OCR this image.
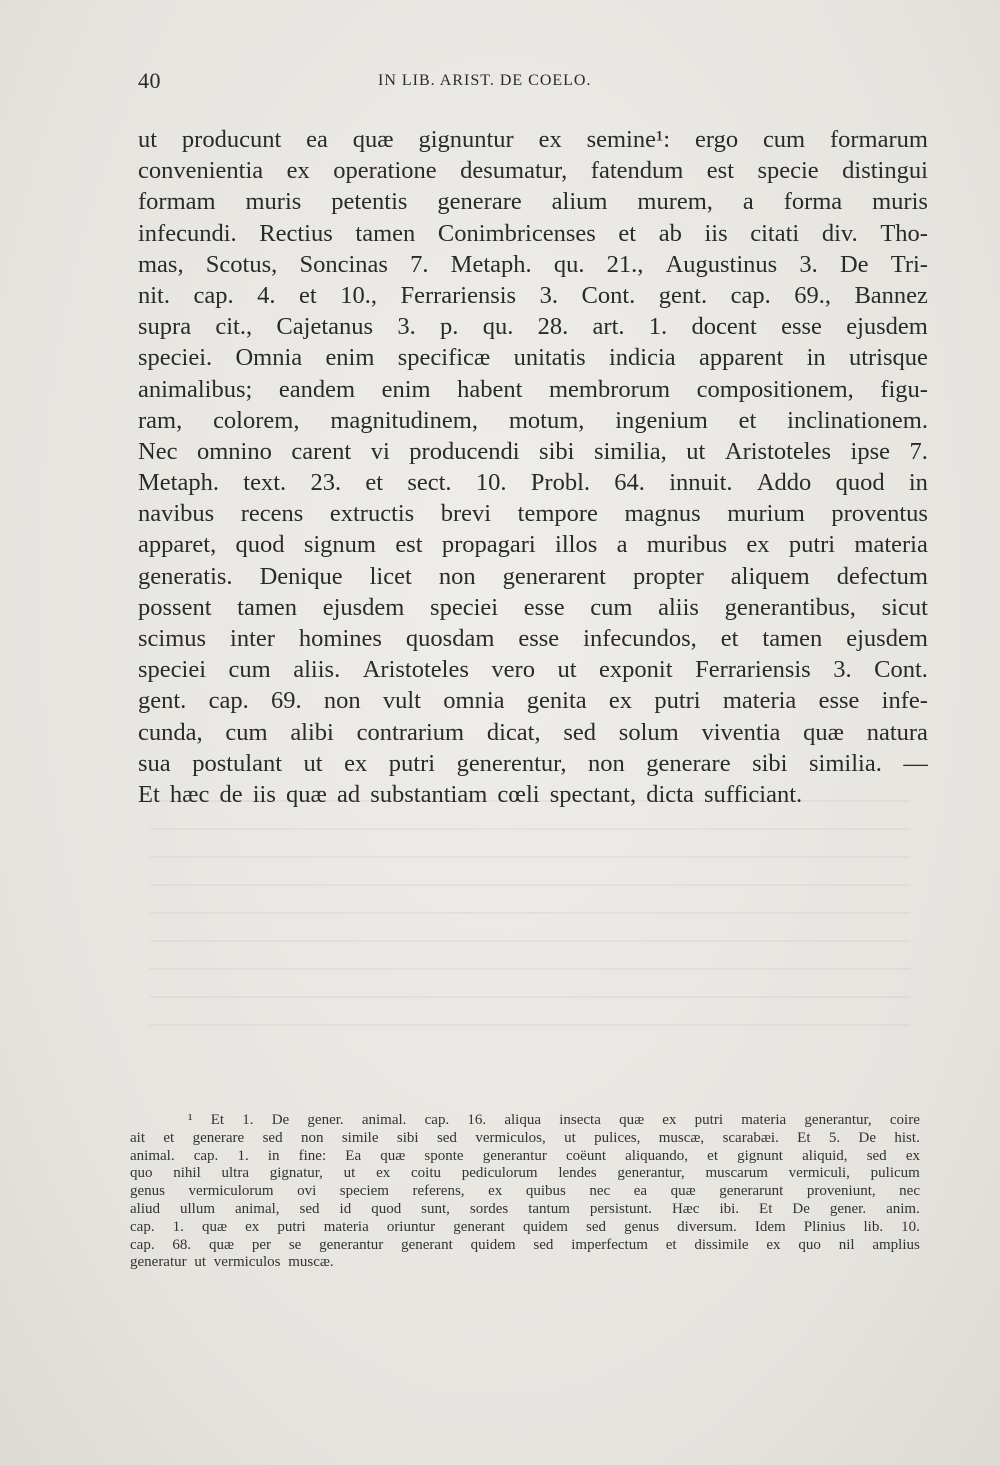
40	IN LIB. ARIST. DE COELO.
ut producunt ea quæ gignuntur ex semine¹: ergo cum formarum
convenientia ex operatione desumatur, fatendum est specie distingui
formam muris petentis generare alium murem, a forma muris
infecundi. Rectius tamen Conimbricenses et ab iis citati div. Tho-
mas, Scotus, Soncinas 7. Metaph. qu. 21., Augustinus 3. De Tri-
nit. cap. 4. et 10., Ferrariensis 3. Cont. gent. cap. 69., Bannez
supra cit., Cajetanus 3. p. qu. 28. art. 1. docent esse ejusdem
speciei. Omnia enim specificæ unitatis indicia apparent in utrisque
animalibus; eandem enim habent membrorum compositionem, figu-
ram, colorem, magnitudinem, motum, ingenium et inclinationem.
Nec omnino carent vi producendi sibi similia, ut Aristoteles ipse 7.
Metaph. text. 23. et sect. 10. Probl. 64. innuit. Addo quod in
navibus recens extructis brevi tempore magnus murium proventus
apparet, quod signum est propagari illos a muribus ex putri materia
generatis. Denique licet non generarent propter aliquem defectum
possent tamen ejusdem speciei esse cum aliis generantibus, sicut
scimus inter homines quosdam esse infecundos, et tamen ejusdem
speciei cum aliis. Aristoteles vero ut exponit Ferrariensis 3. Cont.
gent. cap. 69. non vult omnia genita ex putri materia esse infe-
cunda, cum alibi contrarium dicat, sed solum viventia quæ natura
sua postulant ut ex putri generentur, non generare sibi similia. —
Et hæc de iis quæ ad substantiam cœli spectant, dicta sufficiant.
¹ Et 1. De gener. animal. cap. 16. aliqua insecta quæ ex putri materia generantur, coire
ait et generare sed non simile sibi sed vermiculos, ut pulices, muscæ, scarabæi. Et 5. De hist.
animal. cap. 1. in fine: Ea quæ sponte generantur coëunt aliquando, et gignunt aliquid, sed ex
quo nihil ultra gignatur, ut ex coitu pediculorum lendes generantur, muscarum vermiculi, pulicum
genus vermiculorum ovi speciem referens, ex quibus nec ea quæ generarunt proveniunt, nec
aliud ullum animal, sed id quod sunt, sordes tantum persistunt. Hæc ibi. Et De gener. anim.
cap. 1. quæ ex putri materia oriuntur generant quidem sed genus diversum. Idem Plinius lib. 10.
cap. 68. quæ per se generantur generant quidem sed imperfectum et dissimile ex quo nil amplius
generatur ut vermiculos muscæ.
